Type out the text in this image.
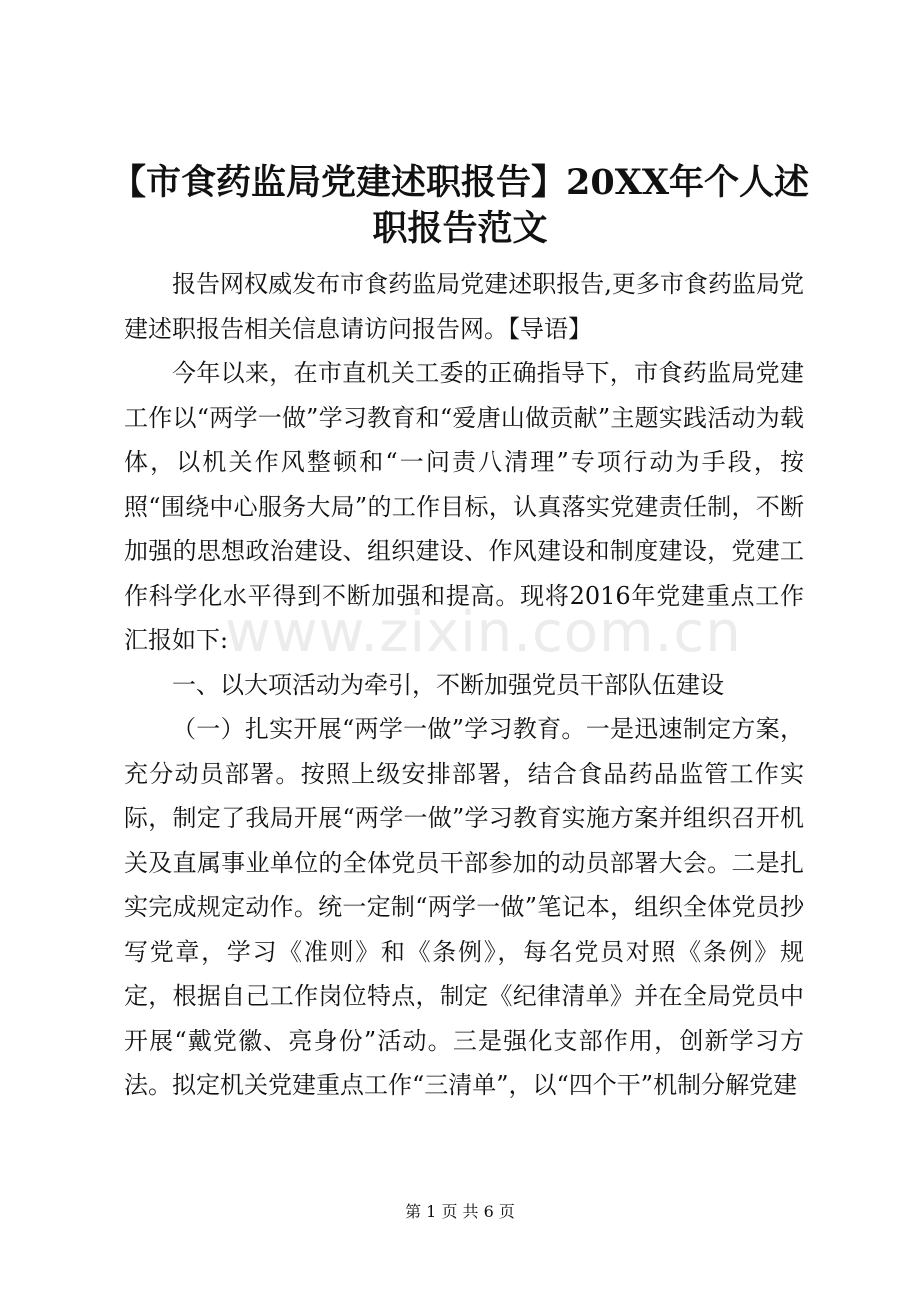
【市食药监局党建述职报告】20XX年个人述职报告范文

报告网权威发布市食药监局党建述职报告,更多市食药监局党建述职报告相关信息请访问报告网。【导语】

今年以来，在市直机关工委的正确指导下，市食药监局党建工作以“两学一做”学习教育和“爱唐山做贡献”主题实践活动为载体，以机关作风整顿和“一问责八清理”专项行动为手段，按照“围绕中心服务大局”的工作目标，认真落实党建责任制，不断加强的思想政治建设、组织建设、作风建设和制度建设，党建工作科学化水平得到不断加强和提高。现将2016年党建重点工作汇报如下:

一、以大项活动为牵引，不断加强党员干部队伍建设

（一）扎实开展“两学一做”学习教育。一是迅速制定方案，充分动员部署。按照上级安排部署，结合食品药品监管工作实际，制定了我局开展“两学一做”学习教育实施方案并组织召开机关及直属事业单位的全体党员干部参加的动员部署大会。二是扎实完成规定动作。统一定制“两学一做”笔记本，组织全体党员抄写党章，学习《准则》和《条例》，每名党员对照《条例》规定，根据自己工作岗位特点，制定《纪律清单》并在全局党员中开展“戴党徽、亮身份”活动。三是强化支部作用，创新学习方法。拟定机关党建重点工作“三清单”，以“四个干”机制分解党建

www.zixin.com.cn
第 1 页 共 6 页
